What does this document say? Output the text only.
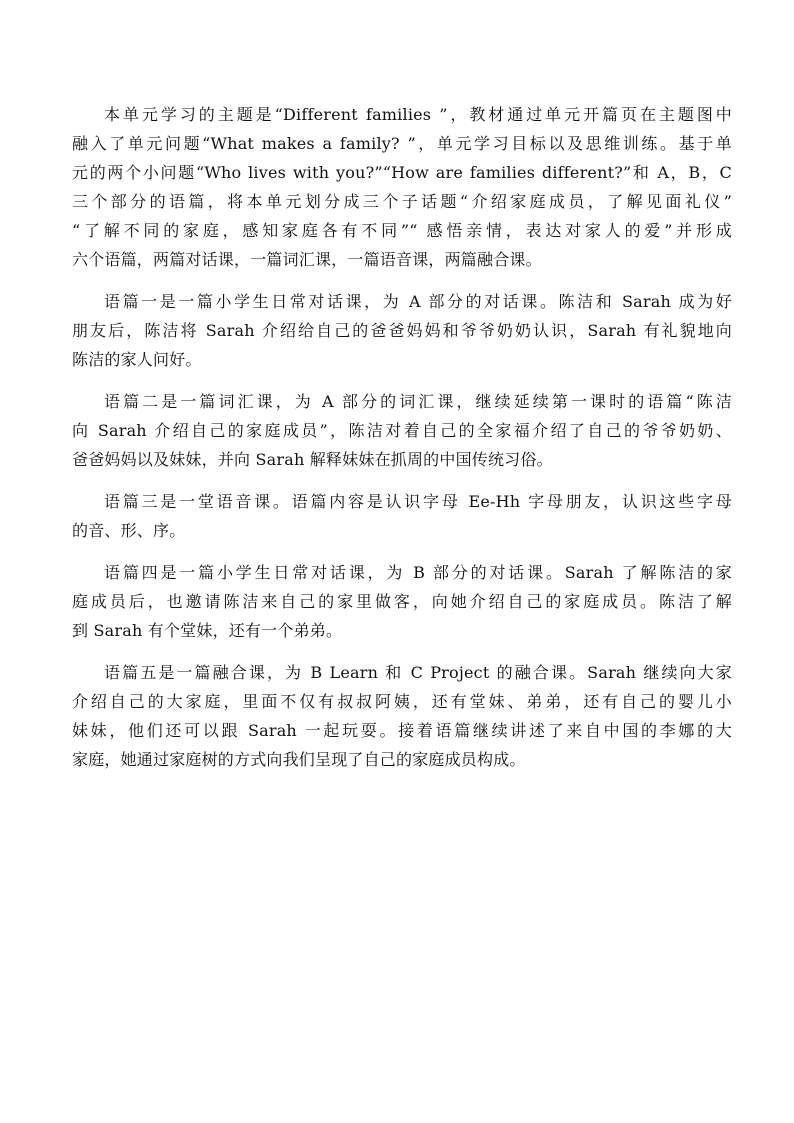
本单元学习的主题是“Different families ”，教材通过单元开篇页在主题图中
融入了单元问题“What makes a family? ”，单元学习目标以及思维训练。基于单
元的两个小问题“Who lives with you?”“How are families different?”和 A，B，C
三个部分的语篇，将本单元划分成三个子话题“介绍家庭成员，了解见面礼仪”
“了解不同的家庭，感知家庭各有不同”“ 感悟亲情，表达对家人的爱”并形成
六个语篇，两篇对话课，一篇词汇课，一篇语音课，两篇融合课。

语篇一是一篇小学生日常对话课，为 A 部分的对话课。陈洁和 Sarah 成为好
朋友后，陈洁将 Sarah 介绍给自己的爸爸妈妈和爷爷奶奶认识，Sarah 有礼貌地向
陈洁的家人问好。

语篇二是一篇词汇课，为 A 部分的词汇课，继续延续第一课时的语篇“陈洁
向 Sarah 介绍自己的家庭成员”，陈洁对着自己的全家福介绍了自己的爷爷奶奶、
爸爸妈妈以及妹妹，并向 Sarah 解释妹妹在抓周的中国传统习俗。

语篇三是一堂语音课。语篇内容是认识字母 Ee-Hh 字母朋友，认识这些字母
的音、形、序。

语篇四是一篇小学生日常对话课，为 B 部分的对话课。Sarah 了解陈洁的家
庭成员后，也邀请陈洁来自己的家里做客，向她介绍自己的家庭成员。陈洁了解
到 Sarah 有个堂妹，还有一个弟弟。

语篇五是一篇融合课，为 B Learn 和 C Project 的融合课。Sarah 继续向大家
介绍自己的大家庭，里面不仅有叔叔阿姨，还有堂妹、弟弟，还有自己的婴儿小
妹妹，他们还可以跟 Sarah 一起玩耍。接着语篇继续讲述了来自中国的李娜的大
家庭，她通过家庭树的方式向我们呈现了自己的家庭成员构成。
